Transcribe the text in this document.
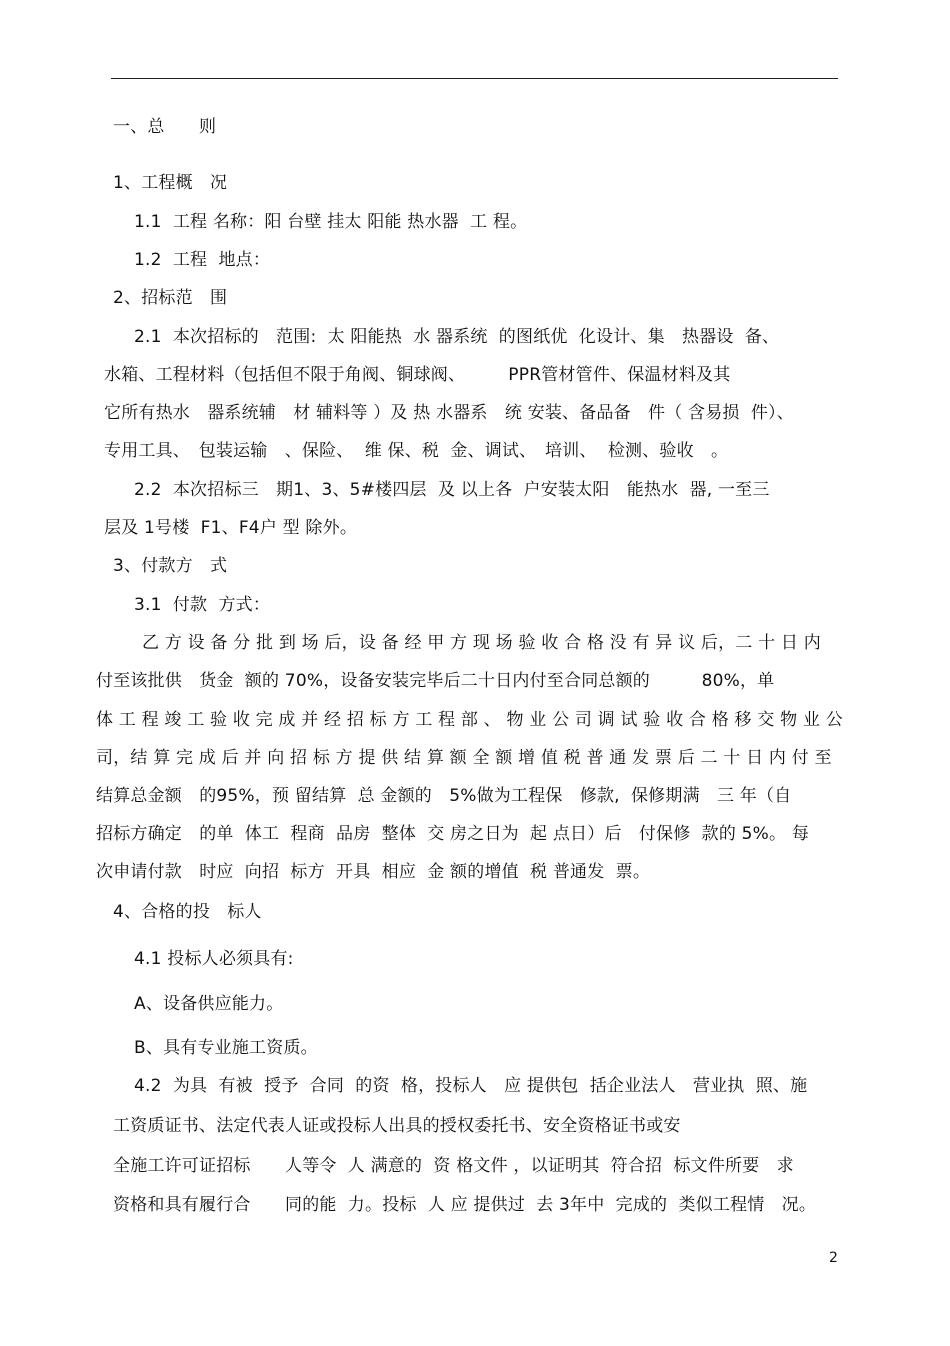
一、总　　则
1、工程概　况
1.1  工程 名称：阳 台壁 挂太 阳能 热水器  工 程。
1.2  工程  地点：
2、招标范　围
2.1  本次招标的　范围:  太 阳能热  水 器系统  的图纸优  化设计、集　热器设  备、
水箱、工程材料（包括但不限于角阀、铜球阀、　　　PPR管材管件、保温材料及其
它所有热水　器系统辅　材 辅料等 ）及 热 水器系　统 安装、备品备　件（ 含易损  件）、
专用工具、　包装运输　、保险、  维 保、税  金、调试、　培训、  检测、验收　。
2.2  本次招标三　期1、3、5#楼四层  及 以上各  户安装太阳　能热水  器, 一至三
层及 1号楼  F1、F4户 型 除外。
3、付款方　式
3.1  付款  方式：
乙 方 设 备 分 批 到 场 后，设 备 经 甲 方 现 场 验 收 合 格 没 有 异 议 后，二 十 日 内
付至该批供　货金  额的 70%，设备安装完毕后二十日内付至合同总额的　　　80%，单
体 工 程 竣 工 验 收 完 成 并 经 招 标 方 工 程 部 、 物 业 公 司 调 试 验 收 合 格 移 交 物 业 公
司，结 算 完 成 后 并 向 招 标 方 提 供 结 算 额 全 额 增 值 税 普 通 发 票 后 二 十 日 内 付 至
结算总金额　的95%，预 留结算  总 金额的　5%做为工程保　修款,  保修期满　三 年（自
招标方确定　的单  体工  程商  品房  整体  交 房之日为  起 点日）后　付保修  款的 5%。 每
次申请付款　时应  向招  标方  开具  相应  金 额的增值  税 普通发  票。
4、合格的投　标人
4.1 投标人必须具有:
A、设备供应能力。
B、具有专业施工资质。
4.2  为具  有被  授予  合同  的资  格，投标人　应 提供包  括企业法人　营业执  照、施
工资质证书、法定代表人证或投标人出具的授权委托书、安全资格证书或安
全施工许可证招标　　人等令  人 满意的  资 格文件 ，以证明其  符合招  标文件所要　求
资格和具有履行合　　同的能  力。投标  人 应 提供过  去 3年中  完成的  类似工程情　况。
2
